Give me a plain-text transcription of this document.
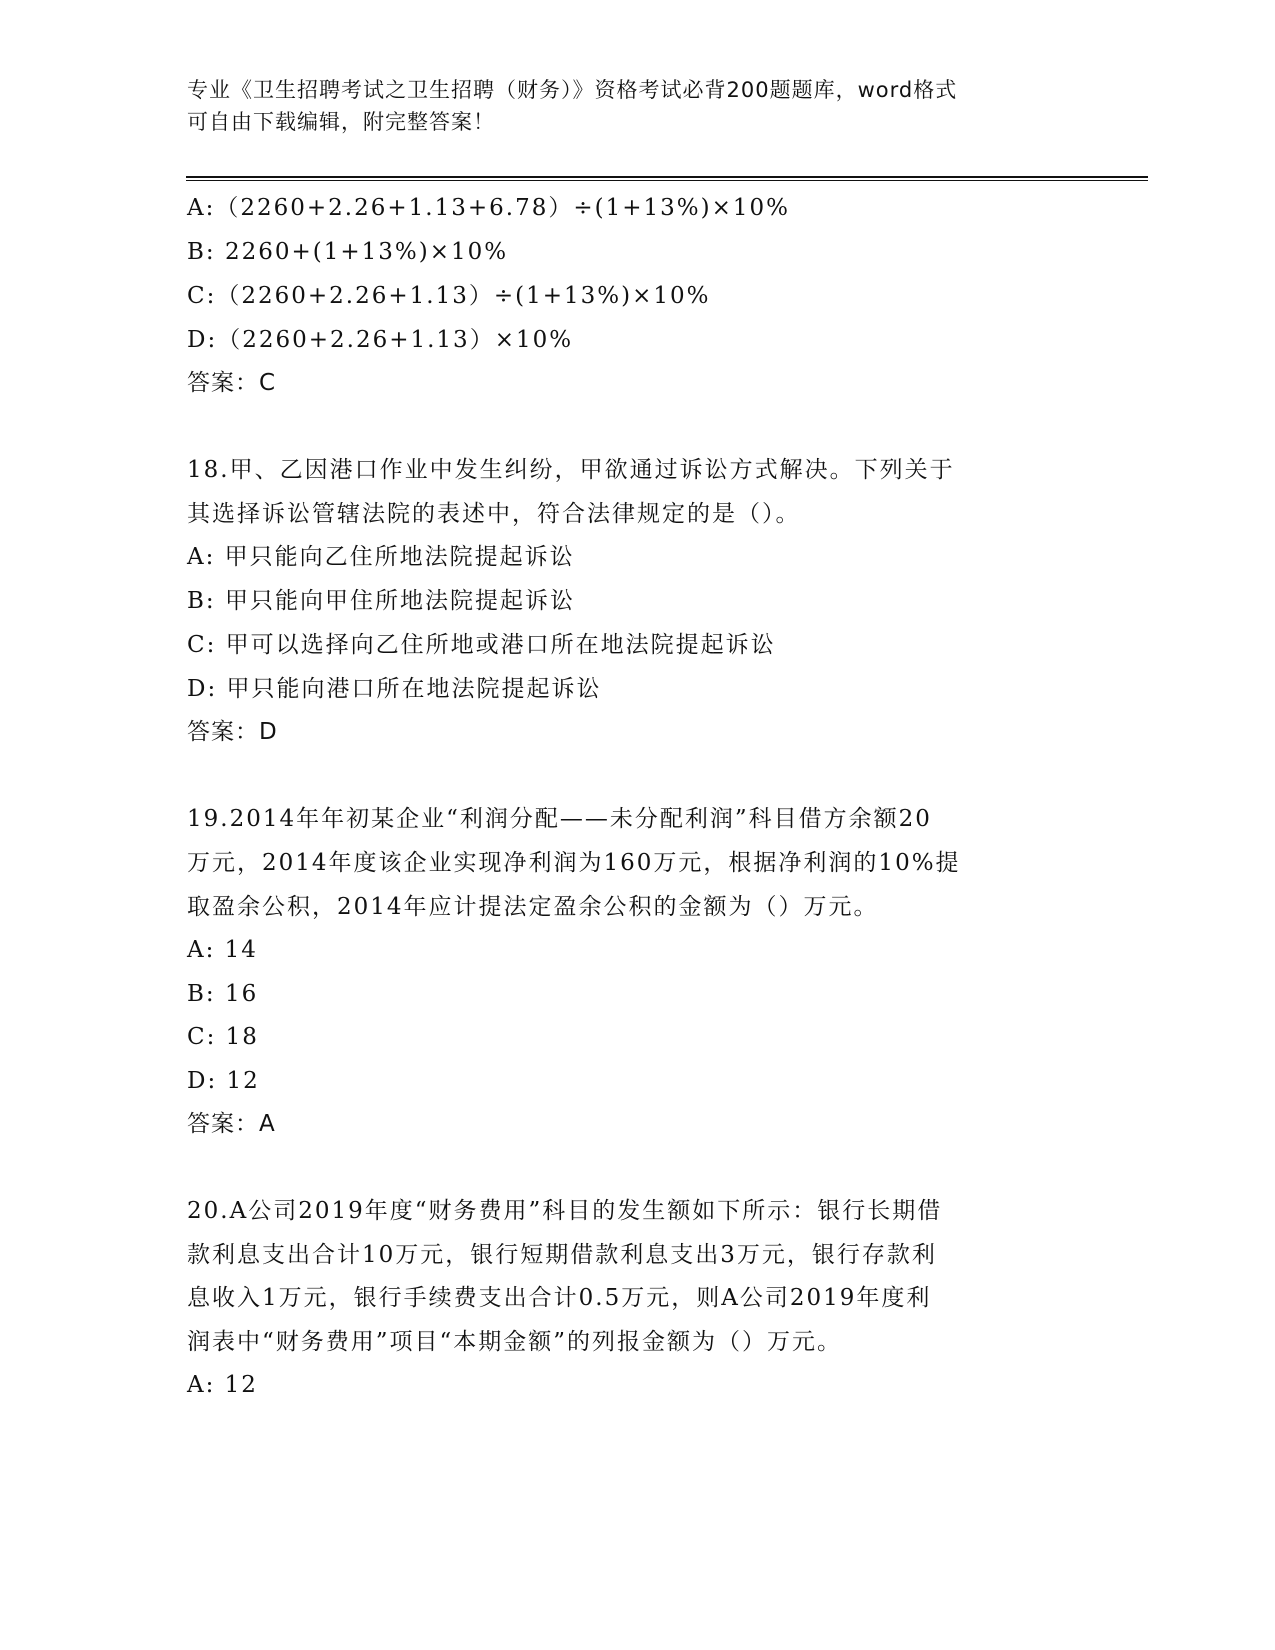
专业《卫生招聘考试之卫生招聘（财务）》资格考试必背200题题库，word格式
可自由下载编辑，附完整答案！
A:（2260+2.26+1.13+6.78）÷(1+13%)×10%
B: 2260+(1+13%)×10%
C:（2260+2.26+1.13）÷(1+13%)×10%
D:（2260+2.26+1.13）×10%
答案：C
18.甲、乙因港口作业中发生纠纷，甲欲通过诉讼方式解决。下列关于
其选择诉讼管辖法院的表述中，符合法律规定的是（）。
A: 甲只能向乙住所地法院提起诉讼
B: 甲只能向甲住所地法院提起诉讼
C: 甲可以选择向乙住所地或港口所在地法院提起诉讼
D: 甲只能向港口所在地法院提起诉讼
答案：D
19.2014年年初某企业“利润分配——未分配利润”科目借方余额20
万元，2014年度该企业实现净利润为160万元，根据净利润的10%提
取盈余公积，2014年应计提法定盈余公积的金额为（）万元。
A: 14
B: 16
C: 18
D: 12
答案：A
20.A公司2019年度“财务费用”科目的发生额如下所示：银行长期借
款利息支出合计10万元，银行短期借款利息支出3万元，银行存款利
息收入1万元，银行手续费支出合计0.5万元，则A公司2019年度利
润表中“财务费用”项目“本期金额”的列报金额为（）万元。
A: 12
